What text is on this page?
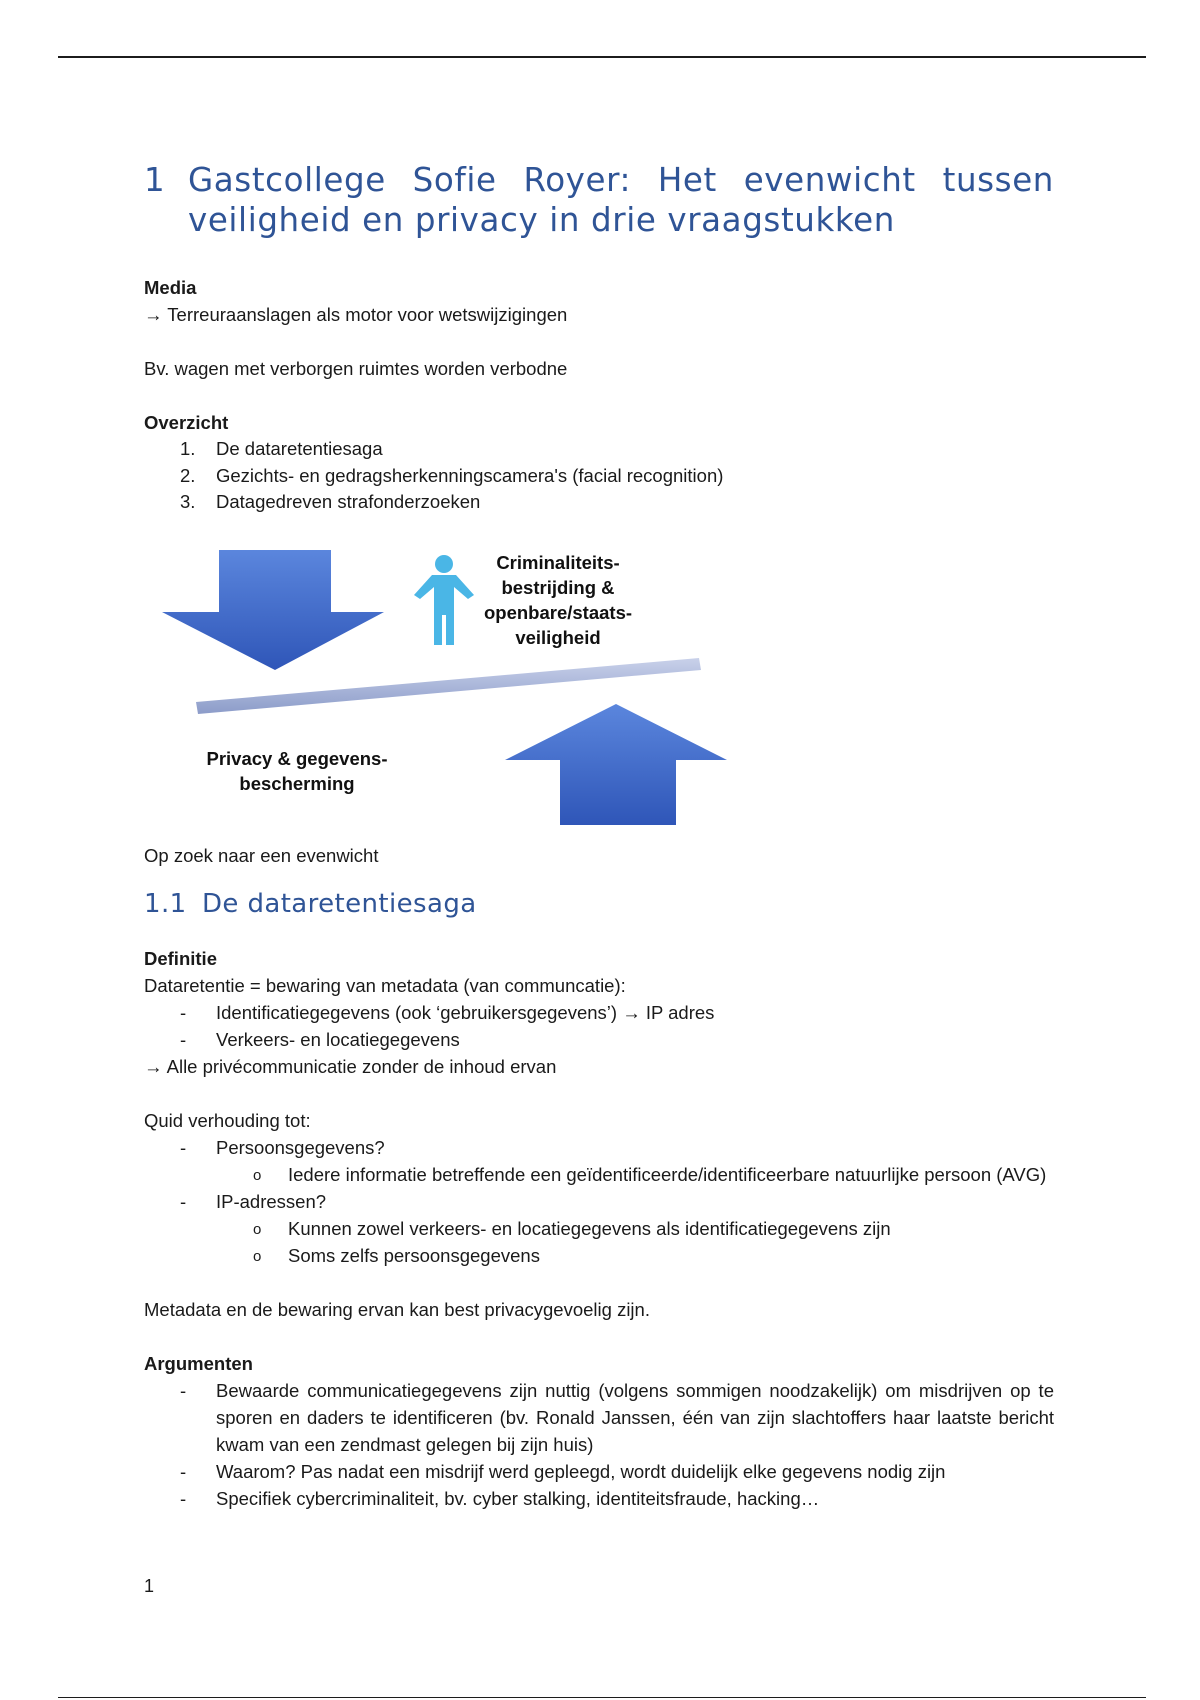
1 Gastcollege Sofie Royer: Het evenwicht tussen
veiligheid en privacy in drie vraagstukken

Media

→ Terreuraanslagen als motor voor wetswijzigingen

Bv. wagen met verborgen ruimtes worden verbodne

Overzicht

1. De dataretentiesaga
2. Gezichts- en gedragsherkenningscamera's (facial recognition)
3. Datagedreven strafonderzoeken
Criminaliteits-
bestrijding &
openbare/staats-
veiligheid
Privacy & gegevens-
bescherming

Op zoek naar een evenwicht

1.1 De dataretentiesaga

Definitie

Dataretentie = bewaring van metadata (van communcatie):

- Identificatiegegevens (ook ‘gebruikersgegevens’) → IP adres
- Verkeers- en locatiegegevens

→ Alle privécommunicatie zonder de inhoud ervan

Quid verhouding tot:

- Persoonsgegevens?
o Iedere informatie betreffende een geïdentificeerde/identificeerbare natuurlijke persoon (AVG)
- IP-adressen?
o Kunnen zowel verkeers- en locatiegegevens als identificatiegegevens zijn
o Soms zelfs persoonsgegevens

Metadata en de bewaring ervan kan best privacygevoelig zijn.

Argumenten

- Bewaarde communicatiegegevens zijn nuttig (volgens sommigen noodzakelijk) om misdrijven op te sporen en daders te identificeren (bv. Ronald Janssen, één van zijn slachtoffers haar laatste bericht kwam van een zendmast gelegen bij zijn huis)
- Waarom? Pas nadat een misdrijf werd gepleegd, wordt duidelijk elke gegevens nodig zijn
- Specifiek cybercriminaliteit, bv. cyber stalking, identiteitsfraude, hacking…
1
